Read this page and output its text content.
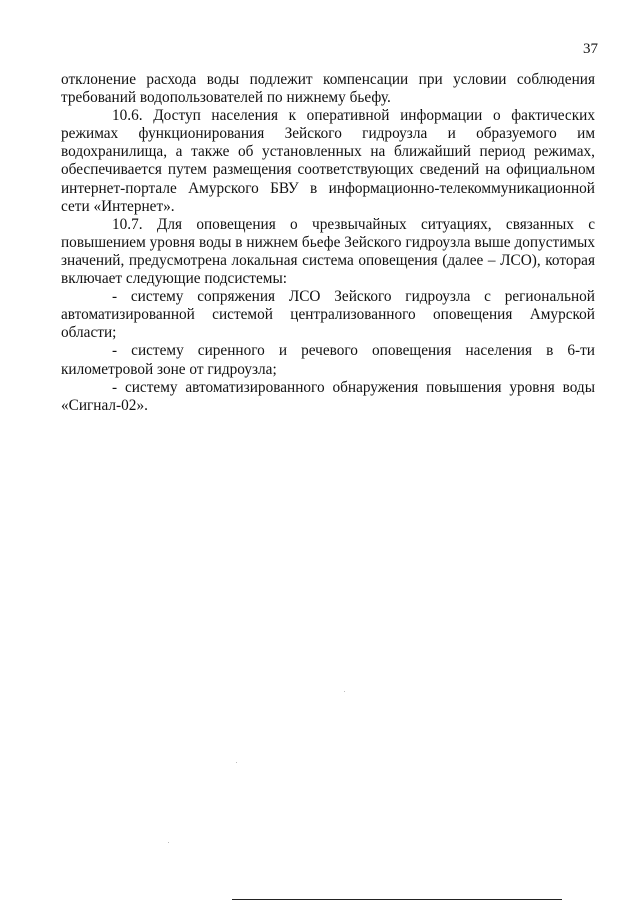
37

отклонение расхода воды подлежит компенсации при условии соблюдения требований водопользователей по нижнему бьефу.

10.6. Доступ населения к оперативной информации о фактических режимах функционирования Зейского гидроузла и образуемого им водохранилища, а также об установленных на ближайший период режимах, обеспечивается путем размещения соответствующих сведений на официальном интернет-портале Амурского БВУ в информационно-телекоммуникационной сети «Интернет».

10.7. Для оповещения о чрезвычайных ситуациях, связанных с повышением уровня воды в нижнем бьефе Зейского гидроузла выше допустимых значений, предусмотрена локальная система оповещения (далее – ЛСО), которая включает следующие подсистемы:

- систему сопряжения ЛСО Зейского гидроузла с региональной автоматизированной системой централизованного оповещения Амурской области;

- систему сиренного и речевого оповещения населения в 6-ти километровой зоне от гидроузла;

- систему автоматизированного обнаружения повышения уровня воды «Сигнал-02».
